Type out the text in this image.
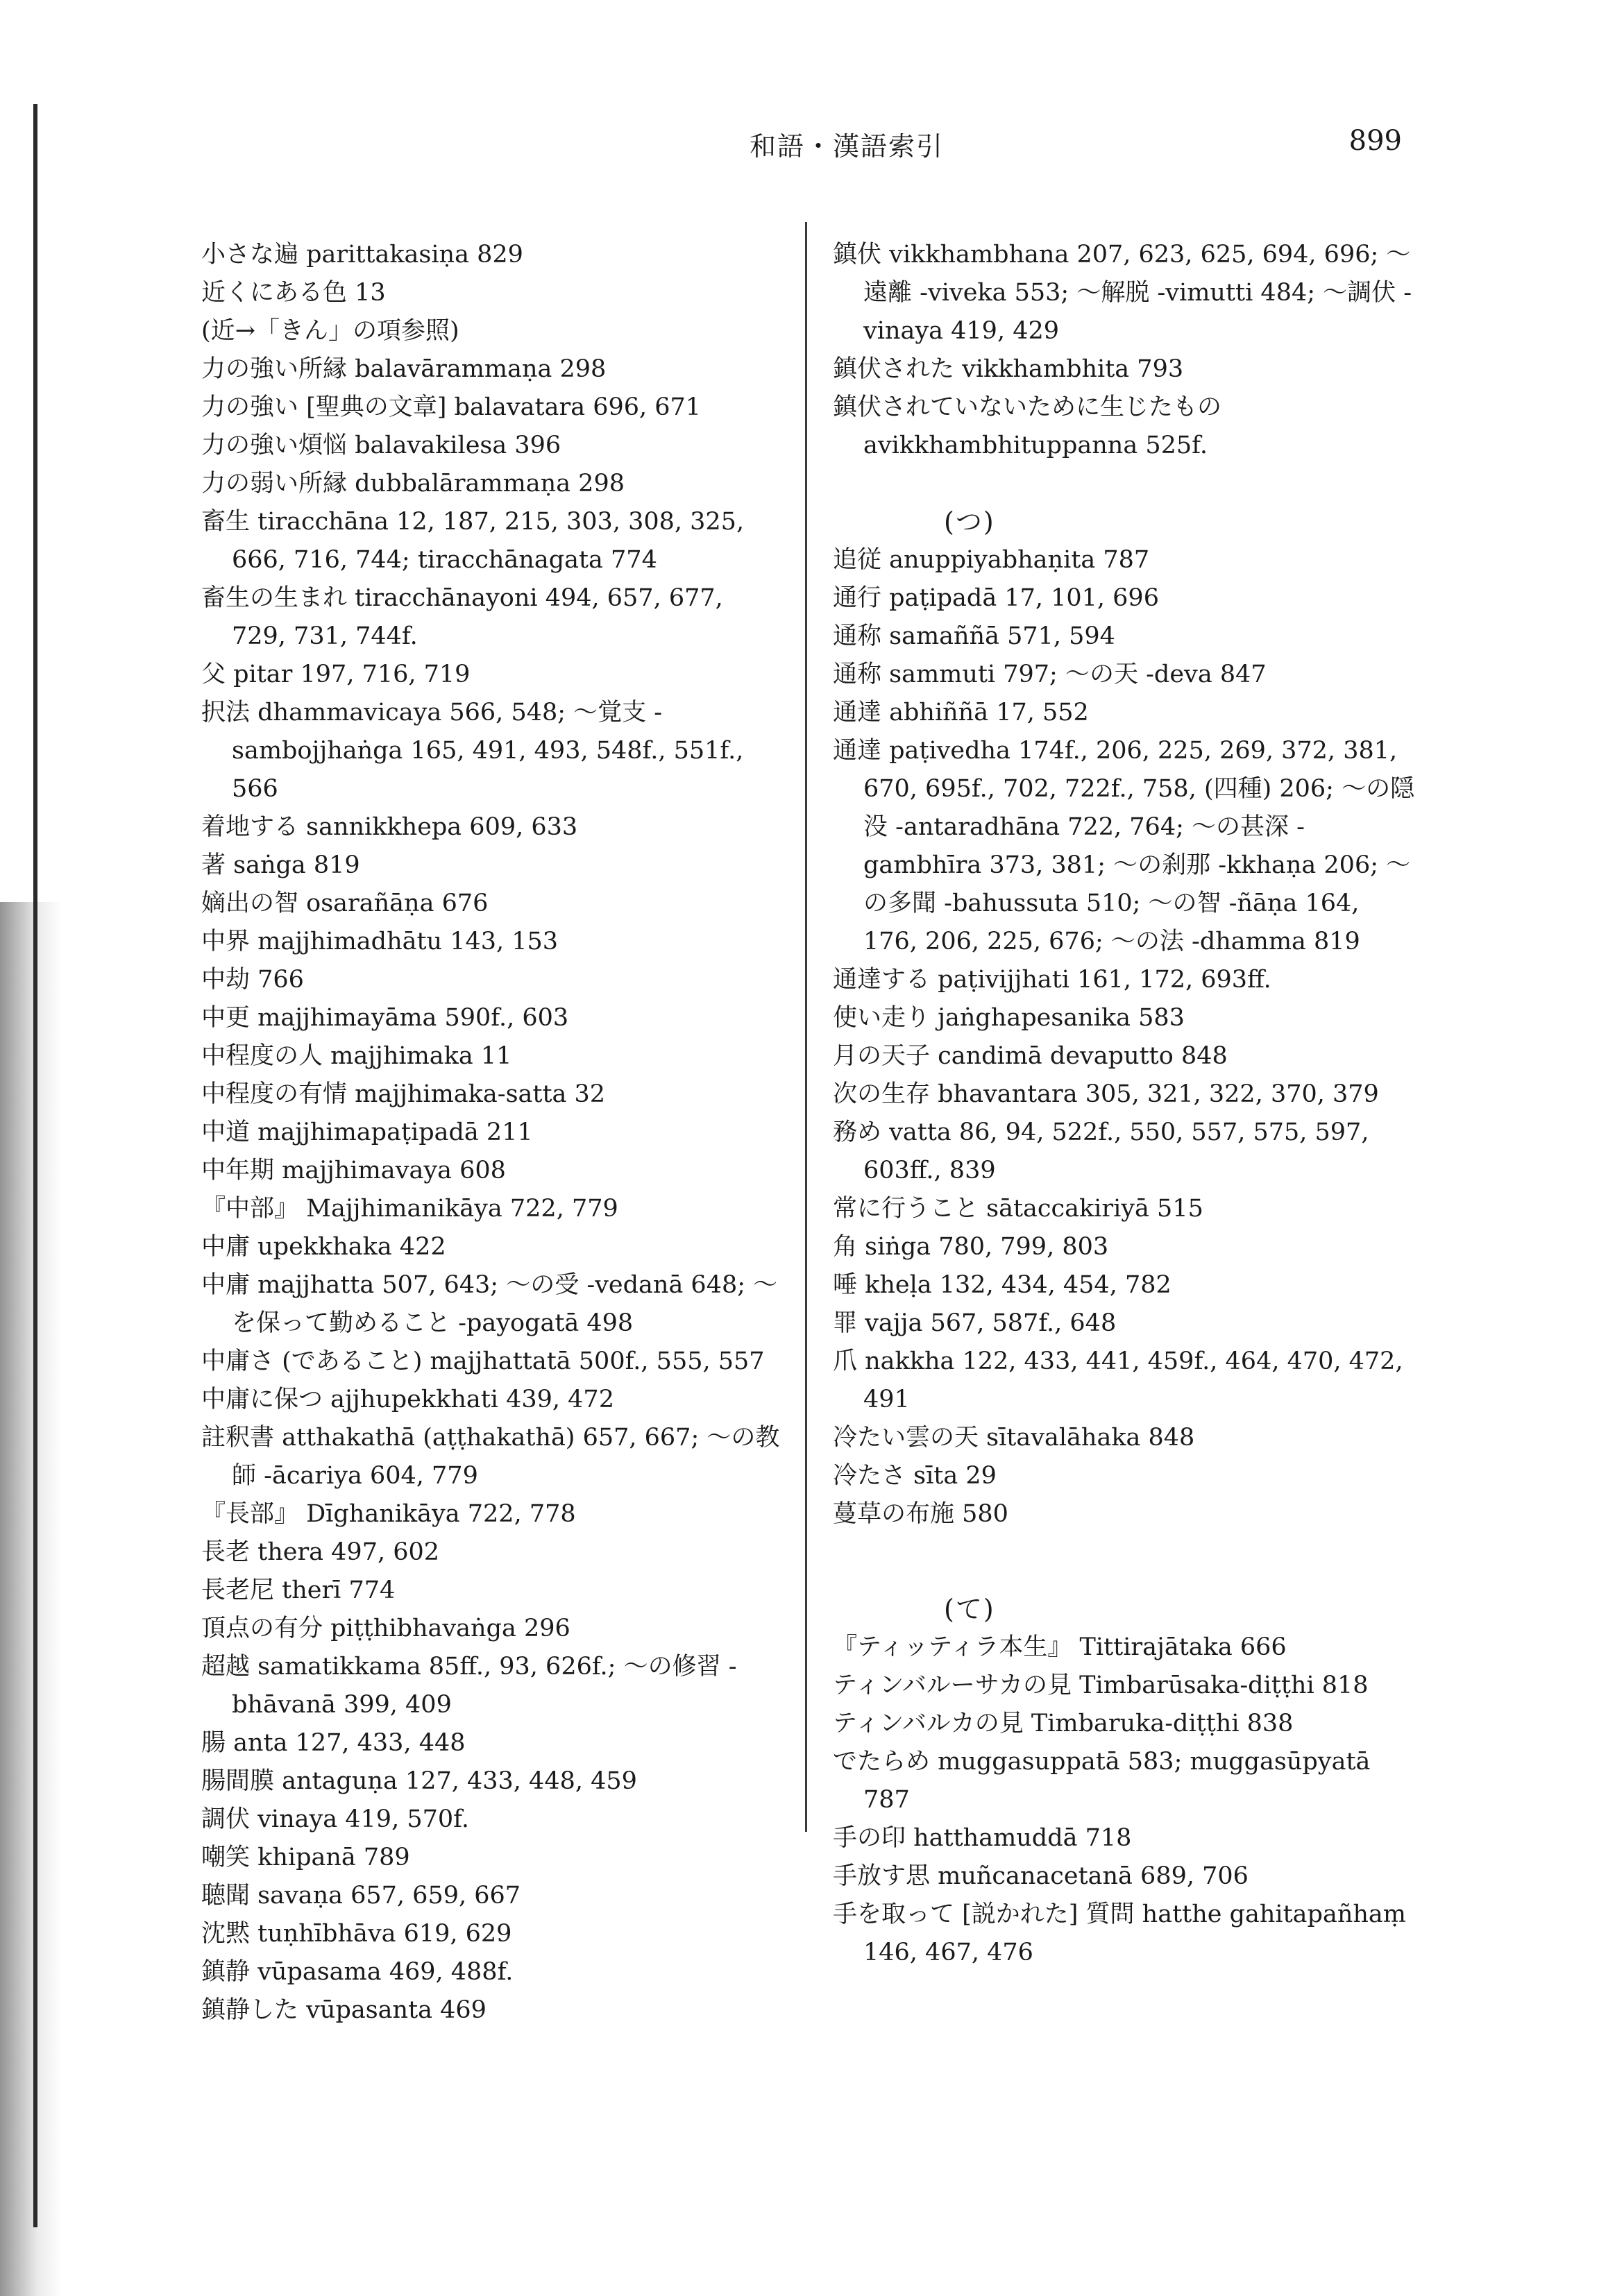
和語・漢語索引	899

小さな遍 parittakasiṇa 829

近くにある色 13

(近→「きん」の項参照)

力の強い所縁 balavārammaṇa 298

力の強い [聖典の文章] balavatara 696, 671

力の強い煩悩 balavakilesa 396

力の弱い所縁 dubbalārammaṇa 298

畜生 tiracchāna 12, 187, 215, 303, 308, 325, 666, 716, 744; tiracchānagata 774

畜生の生まれ tiracchānayoni 494, 657, 677, 729, 731, 744f.

父 pitar 197, 716, 719

択法 dhammavicaya 566, 548; ～覚支 -sambojjhaṅga 165, 491, 493, 548f., 551f., 566

着地する sannikkhepa 609, 633

著 saṅga 819

嫡出の智 osarañāṇa 676

中界 majjhimadhātu 143, 153

中劫 766

中更 majjhimayāma 590f., 603

中程度の人 majjhimaka 11

中程度の有情 majjhimaka-satta 32

中道 majjhimapaṭipadā 211

中年期 majjhimavaya 608

『中部』 Majjhimanikāya 722, 779

中庸 upekkhaka 422

中庸 majjhatta 507, 643; ～の受 -vedanā 648; ～を保って勤めること -payogatā 498

中庸さ (であること) majjhattatā 500f., 555, 557

中庸に保つ ajjhupekkhati 439, 472

註釈書 atthakathā (aṭṭhakathā) 657, 667; ～の教師 -ācariya 604, 779

『長部』 Dīghanikāya 722, 778

長老 thera 497, 602

長老尼 therī 774

頂点の有分 piṭṭhibhavaṅga 296

超越 samatikkama 85ff., 93, 626f.; ～の修習 -bhāvanā 399, 409

腸 anta 127, 433, 448

腸間膜 antaguṇa 127, 433, 448, 459

調伏 vinaya 419, 570f.

嘲笑 khipanā 789

聴聞 savaṇa 657, 659, 667

沈黙 tuṇhībhāva 619, 629

鎮静 vūpasama 469, 488f.

鎮静した vūpasanta 469

鎮伏 vikkhambhana 207, 623, 625, 694, 696; ～遠離 -viveka 553; ～解脱 -vimutti 484; ～調伏 -vinaya 419, 429

鎮伏された vikkhambhita 793

鎮伏されていないために生じたもの avikkhambhituppanna 525f.

(つ)

追従 anuppiyabhaṇita 787

通行 paṭipadā 17, 101, 696

通称 samaññā 571, 594

通称 sammuti 797; ～の天 -deva 847

通達 abhiññā 17, 552

通達 paṭivedha 174f., 206, 225, 269, 372, 381, 670, 695f., 702, 722f., 758, (四種) 206; ～の隠没 -antaradhāna 722, 764; ～の甚深 -gambhīra 373, 381; ～の刹那 -kkhaṇa 206; ～の多聞 -bahussuta 510; ～の智 -ñāṇa 164, 176, 206, 225, 676; ～の法 -dhamma 819

通達する paṭivijjhati 161, 172, 693ff.

使い走り jaṅghapesanika 583

月の天子 candimā devaputto 848

次の生存 bhavantara 305, 321, 322, 370, 379

務め vatta 86, 94, 522f., 550, 557, 575, 597, 603ff., 839

常に行うこと sātaccakiriyā 515

角 siṅga 780, 799, 803

唾 kheḷa 132, 434, 454, 782

罪 vajja 567, 587f., 648

爪 nakkha 122, 433, 441, 459f., 464, 470, 472, 491

冷たい雲の天 sītavalāhaka 848

冷たさ sīta 29

蔓草の布施 580

(て)

『ティッティラ本生』 Tittirajātaka 666

ティンバルーサカの見 Timbarūsaka-diṭṭhi 818

ティンバルカの見 Timbaruka-diṭṭhi 838

でたらめ muggasuppatā 583; muggasūpyatā 787

手の印 hatthamuddā 718

手放す思 muñcanacetanā 689, 706

手を取って [説かれた] 質問 hatthe gahitapañhaṃ 146, 467, 476
